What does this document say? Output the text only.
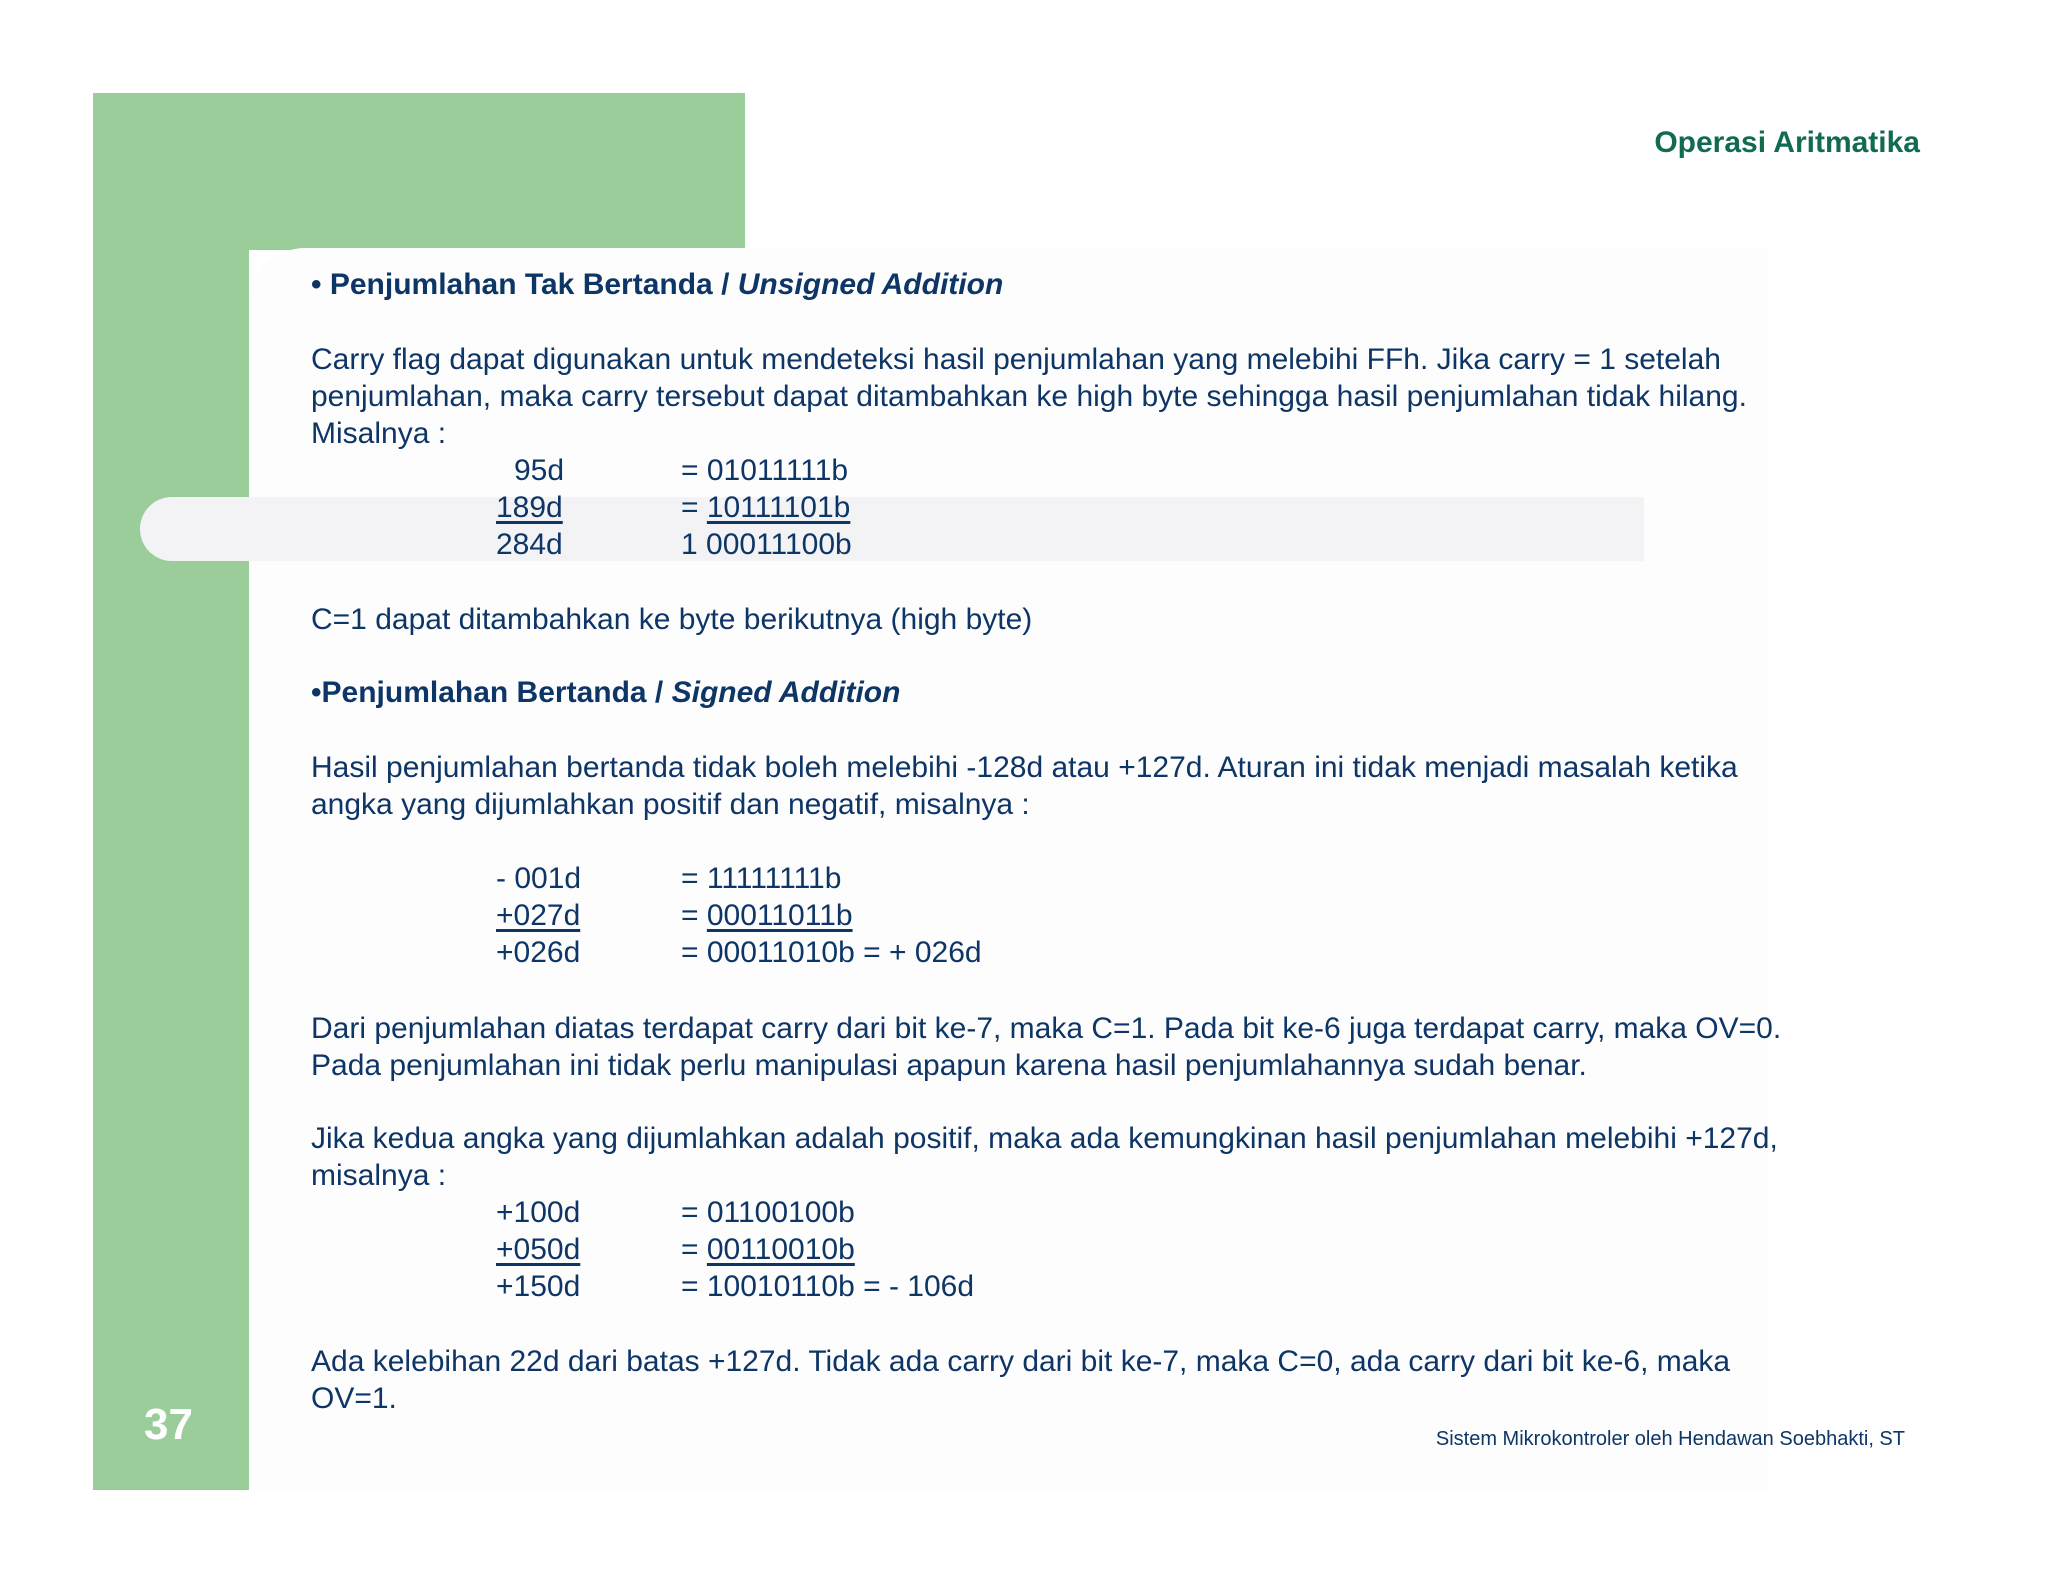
Operasi Aritmatika
37	Sistem Mikrokontroler oleh Hendawan Soebhakti, ST
• Penjumlahan Tak Bertanda / Unsigned Addition
Carry flag dapat digunakan untuk mendeteksi hasil penjumlahan yang melebihi FFh. Jika carry = 1 setelah
penjumlahan, maka carry tersebut dapat ditambahkan ke high byte sehingga hasil penjumlahan tidak hilang.
Misalnya :
95d	= 01011111b
189d	= 10111101b
284d	1 00011100b
C=1 dapat ditambahkan ke byte berikutnya (high byte)
•Penjumlahan Bertanda / Signed Addition
Hasil penjumlahan bertanda tidak boleh melebihi -128d atau +127d. Aturan ini tidak menjadi masalah ketika
angka yang dijumlahkan positif dan negatif, misalnya :
- 001d	= 11111111b
+027d	= 00011011b
+026d	= 00011010b = + 026d
Dari penjumlahan diatas terdapat carry dari bit ke-7, maka C=1. Pada bit ke-6 juga terdapat carry, maka OV=0.
Pada penjumlahan ini tidak perlu manipulasi apapun karena hasil penjumlahannya sudah benar.
Jika kedua angka yang dijumlahkan adalah positif, maka ada kemungkinan hasil penjumlahan melebihi +127d,
misalnya :
+100d	= 01100100b
+050d	= 00110010b
+150d	= 10010110b = - 106d
Ada kelebihan 22d dari batas +127d. Tidak ada carry dari bit ke-7, maka C=0, ada carry dari bit ke-6, maka
OV=1.
